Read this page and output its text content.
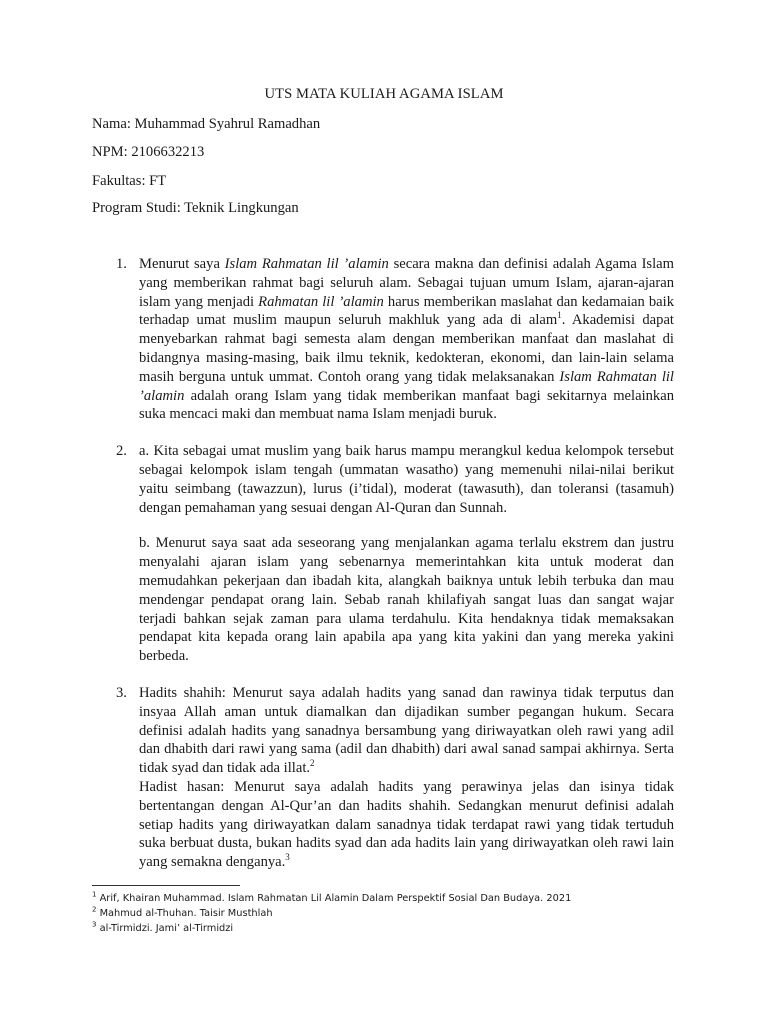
UTS MATA KULIAH AGAMA ISLAM
Nama: Muhammad Syahrul Ramadhan
NPM: 2106632213
Fakultas: FT
Program Studi: Teknik Lingkungan
1. Menurut saya Islam Rahmatan lil ’alamin secara makna dan definisi adalah Agama Islam yang memberikan rahmat bagi seluruh alam. Sebagai tujuan umum Islam, ajaran-ajaran islam yang menjadi Rahmatan lil ’alamin harus memberikan maslahat dan kedamaian baik terhadap umat muslim maupun seluruh makhluk yang ada di alam$^1$. Akademisi dapat menyebarkan rahmat bagi semesta alam dengan memberikan manfaat dan maslahat di bidangnya masing-masing, baik ilmu teknik, kedokteran, ekonomi, dan lain-lain selama masih berguna untuk ummat. Contoh orang yang tidak melaksanakan Islam Rahmatan lil ’alamin adalah orang Islam yang tidak memberikan manfaat bagi sekitarnya melainkan suka mencaci maki dan membuat nama Islam menjadi buruk.

2. a. Kita sebagai umat muslim yang baik harus mampu merangkul kedua kelompok tersebut sebagai kelompok islam tengah (ummatan wasatho) yang memenuhi nilai-nilai berikut yaitu seimbang (tawazzun), lurus (i’tidal), moderat (tawasuth), dan toleransi (tasamuh) dengan pemahaman yang sesuai dengan Al-Quran dan Sunnah.

b. Menurut saya saat ada seseorang yang menjalankan agama terlalu ekstrem dan justru menyalahi ajaran islam yang sebenarnya memerintahkan kita untuk moderat dan memudahkan pekerjaan dan ibadah kita, alangkah baiknya untuk lebih terbuka dan mau mendengar pendapat orang lain. Sebab ranah khilafiyah sangat luas dan sangat wajar terjadi bahkan sejak zaman para ulama terdahulu. Kita hendaknya tidak memaksakan pendapat kita kepada orang lain apabila apa yang kita yakini dan yang mereka yakini berbeda.

3. Hadits shahih: Menurut saya adalah hadits yang sanad dan rawinya tidak terputus dan insyaa Allah aman untuk diamalkan dan dijadikan sumber pegangan hukum. Secara definisi adalah hadits yang sanadnya bersambung yang diriwayatkan oleh rawi yang adil dan dhabith dari rawi yang sama (adil dan dhabith) dari awal sanad sampai akhirnya. Serta tidak syad dan tidak ada illat.$^2$

Hadist hasan: Menurut saya adalah hadits yang perawinya jelas dan isinya tidak bertentangan dengan Al-Qur’an dan hadits shahih. Sedangkan menurut definisi adalah setiap hadits yang diriwayatkan dalam sanadnya tidak terdapat rawi yang tidak tertuduh suka berbuat dusta, bukan hadits syad dan ada hadits lain yang diriwayatkan oleh rawi lain yang semakna denganya.$^3$

$^1$ Arif, Khairan Muhammad. Islam Rahmatan Lil Alamin Dalam Perspektif Sosial Dan Budaya. 2021
$^2$ Mahmud al-Thuhan. Taisir Musthlah
$^3$ al-Tirmidzi. Jami’ al-Tirmidzi
